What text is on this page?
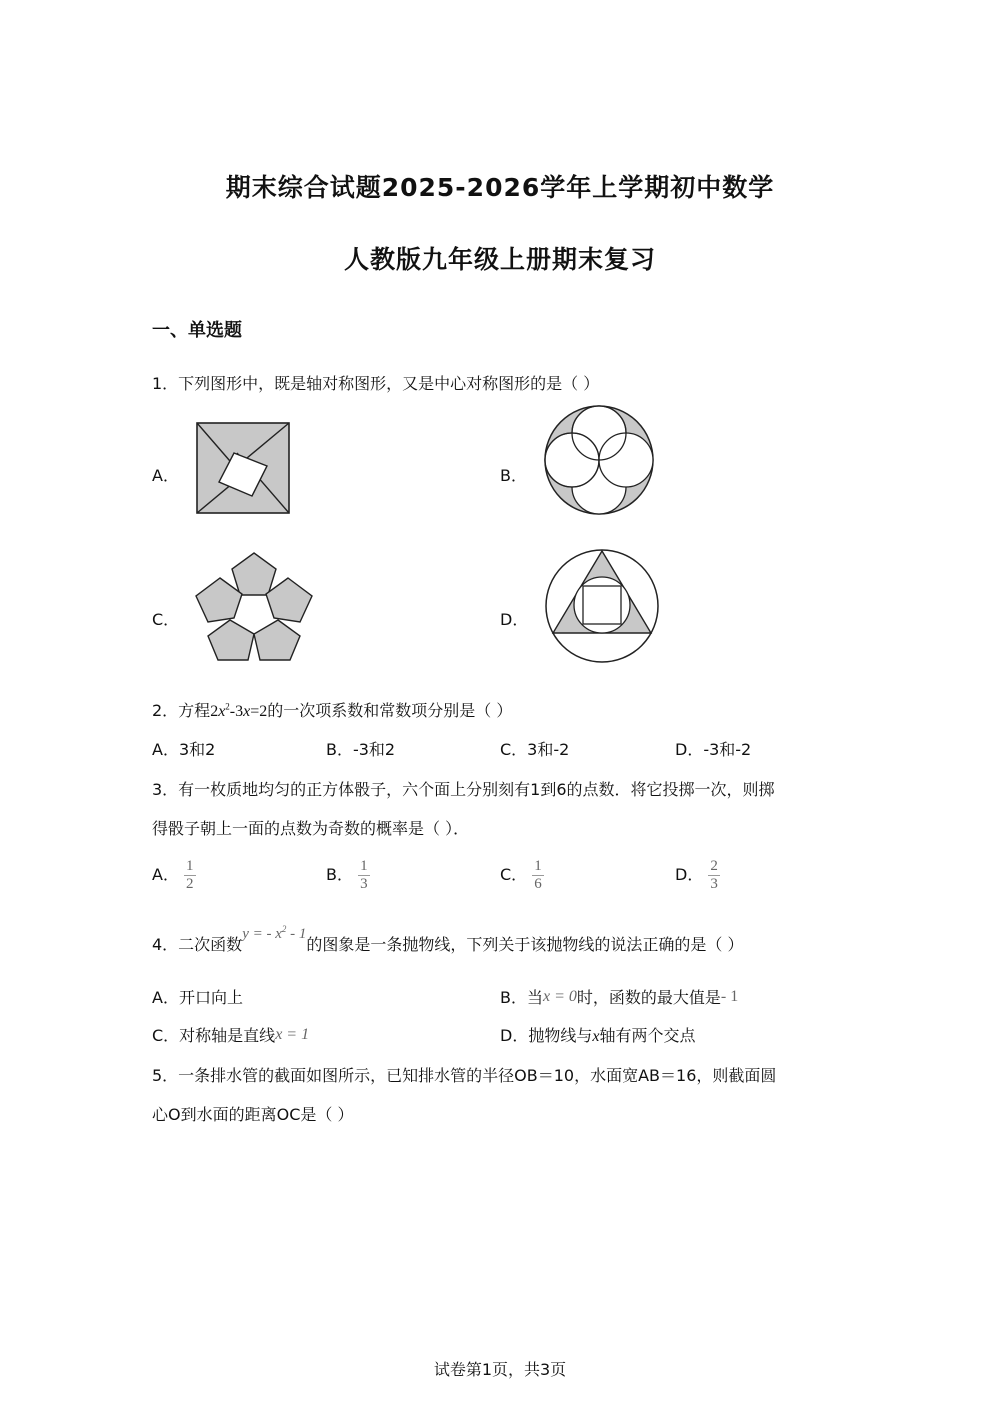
期末综合试题2025-2026学年上学期初中数学
人教版九年级上册期末复习
一、单选题
1．下列图形中，既是轴对称图形，又是中心对称图形的是（ ）
A．	B．
C．	D．
2．方程$2x^2-3x=2$的一次项系数和常数项分别是（ ）
A．3和2	B．-3和2	C．3和-2	D．-3和-2
3．有一枚质地均匀的正方体骰子，六个面上分别刻有1到6的点数．将它投掷一次，则掷
得骰子朝上一面的点数为奇数的概率是（ ）．
A． $\frac{1}{2}$	B． $\frac{1}{3}$	C． $\frac{1}{6}$	D． $\frac{2}{3}$
4．二次函数y = - $x^2 - 1$的图象是一条抛物线，下列关于该抛物线的说法正确的是（ ）
A．开口向上	B．当x = 0时，函数的最大值是- 1
C．对称轴是直线x = 1	D．抛物线与x轴有两个交点
5．一条排水管的截面如图所示，已知排水管的半径OB＝10，水面宽AB＝16，则截面圆
心O到水面的距离OC是（ ）
试卷第1页，共3页
